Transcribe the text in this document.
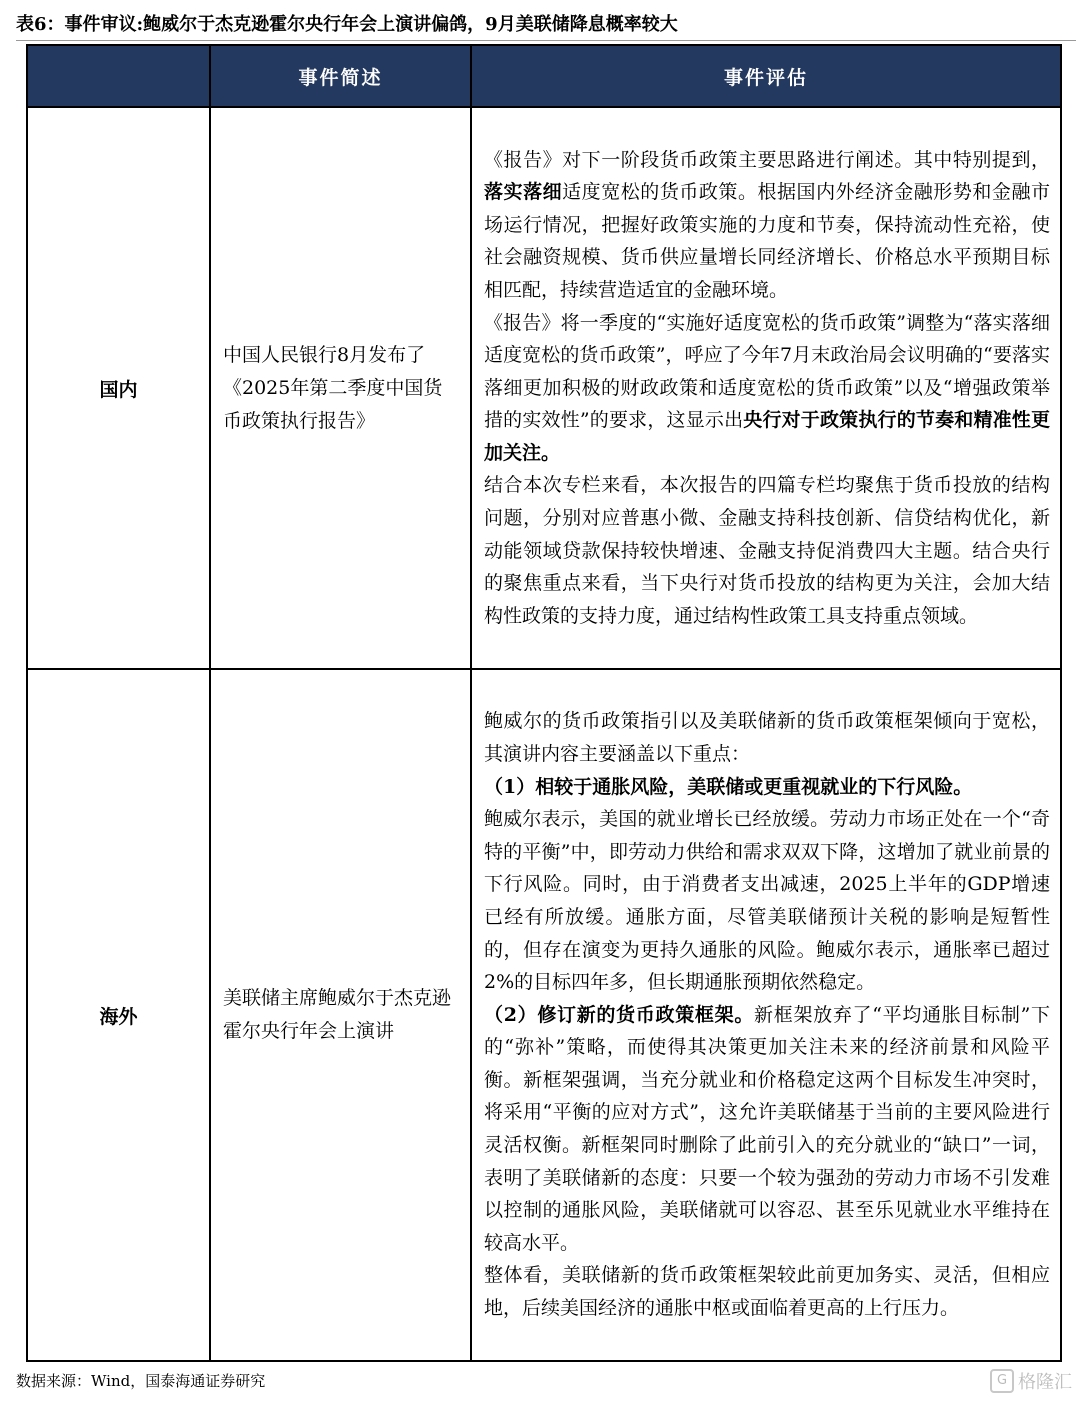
表6：事件审议:鲍威尔于杰克逊霍尔央行年会上演讲偏鸽，9月美联储降息概率较大
	事件简述	事件评估
国内	中国人民银行8月发布了《2025年第二季度中国货币政策执行报告》	《报告》对下一阶段货币政策主要思路进行阐述。其中特别提到，落实落细适度宽松的货币政策。根据国内外经济金融形势和金融市场运行情况，把握好政策实施的力度和节奏，保持流动性充裕，使社会融资规模、货币供应量增长同经济增长、价格总水平预期目标相匹配，持续营造适宜的金融环境。

《报告》将一季度的“实施好适度宽松的货币政策”调整为“落实落细适度宽松的货币政策”，呼应了今年7月末政治局会议明确的“要落实落细更加积极的财政政策和适度宽松的货币政策”以及“增强政策举措的实效性”的要求，这显示出央行对于政策执行的节奏和精准性更加关注。

结合本次专栏来看，本次报告的四篇专栏均聚焦于货币投放的结构问题，分别对应普惠小微、金融支持科技创新、信贷结构优化，新动能领域贷款保持较快增速、金融支持促消费四大主题。结合央行的聚焦重点来看，当下央行对货币投放的结构更为关注，会加大结构性政策的支持力度，通过结构性政策工具支持重点领域。

海外	美联储主席鲍威尔于杰克逊霍尔央行年会上演讲	鲍威尔的货币政策指引以及美联储新的货币政策框架倾向于宽松，其演讲内容主要涵盖以下重点：

（1）相较于通胀风险，美联储或更重视就业的下行风险。

鲍威尔表示，美国的就业增长已经放缓。劳动力市场正处在一个“奇特的平衡”中，即劳动力供给和需求双双下降，这增加了就业前景的下行风险。同时，由于消费者支出减速，2025上半年的GDP增速已经有所放缓。通胀方面，尽管美联储预计关税的影响是短暂性的，但存在演变为更持久通胀的风险。鲍威尔表示，通胀率已超过2%的目标四年多，但长期通胀预期依然稳定。

（2）修订新的货币政策框架。新框架放弃了“平均通胀目标制”下的“弥补”策略，而使得其决策更加关注未来的经济前景和风险平衡。新框架强调，当充分就业和价格稳定这两个目标发生冲突时，将采用“平衡的应对方式”，这允许美联储基于当前的主要风险进行灵活权衡。新框架同时删除了此前引入的充分就业的“缺口”一词，表明了美联储新的态度：只要一个较为强劲的劳动力市场不引发难以控制的通胀风险，美联储就可以容忍、甚至乐见就业水平维持在较高水平。

整体看，美联储新的货币政策框架较此前更加务实、灵活，但相应地，后续美国经济的通胀中枢或面临着更高的上行压力。

数据来源：Wind，国泰海通证券研究	G 格隆汇
